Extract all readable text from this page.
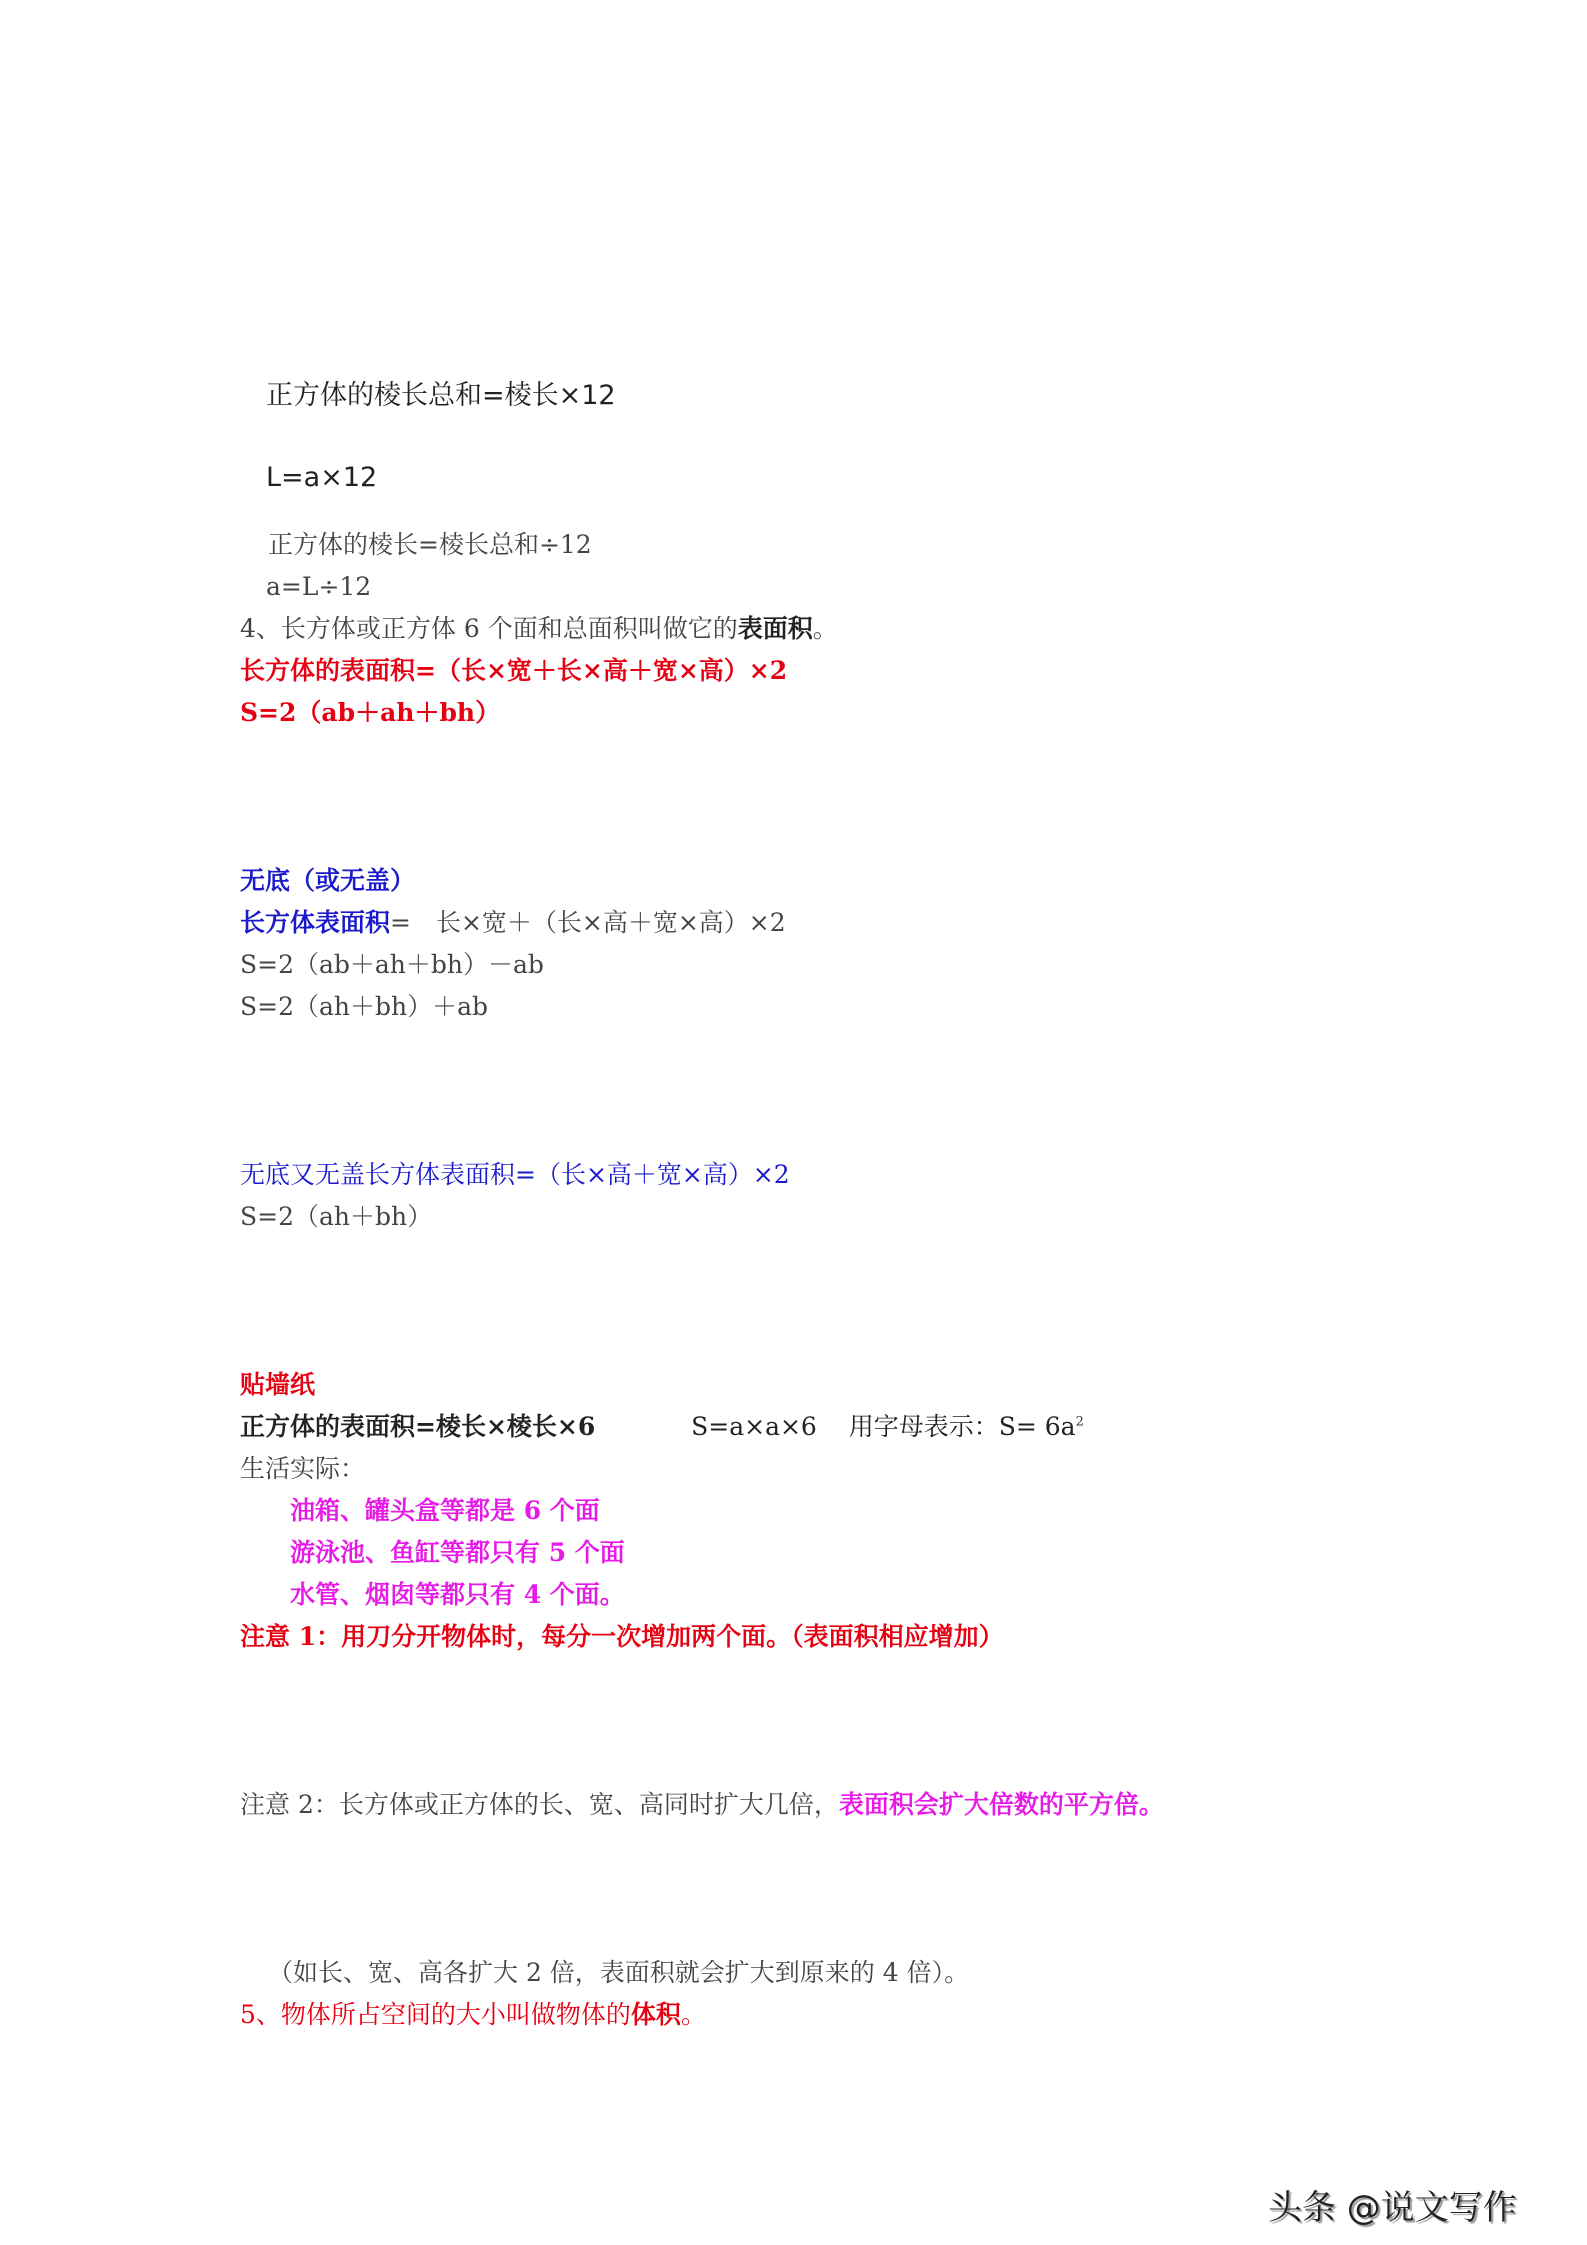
正方体的棱长总和=棱长×12
L=a×12
正方体的棱长=棱长总和÷12
a=L÷12
4、长方体或正方体 6 个面和总面积叫做它的表面积。
长方体的表面积=（长×宽＋长×高＋宽×高）×2
S=2（ab＋ah＋bh）
无底（或无盖）
长方体表面积=　长×宽＋（长×高＋宽×高）×2
S=2（ab＋ah＋bh）－ab
S=2（ah＋bh）＋ab
无底又无盖长方体表面积=（长×高＋宽×高）×2
S=2（ah＋bh）
贴墙纸
正方体的表面积=棱长×棱长×6	S=a×a×6 用字母表示：$S= 6a^2$
生活实际：
油箱、罐头盒等都是 6 个面
游泳池、鱼缸等都只有 5 个面
水管、烟囱等都只有 4 个面。
注意 1：用刀分开物体时，每分一次增加两个面。（表面积相应增加）
注意 2：长方体或正方体的长、宽、高同时扩大几倍，表面积会扩大倍数的平方倍。
（如长、宽、高各扩大 2 倍，表面积就会扩大到原来的 4 倍）。
5、物体所占空间的大小叫做物体的体积。
头条 @说文写作
